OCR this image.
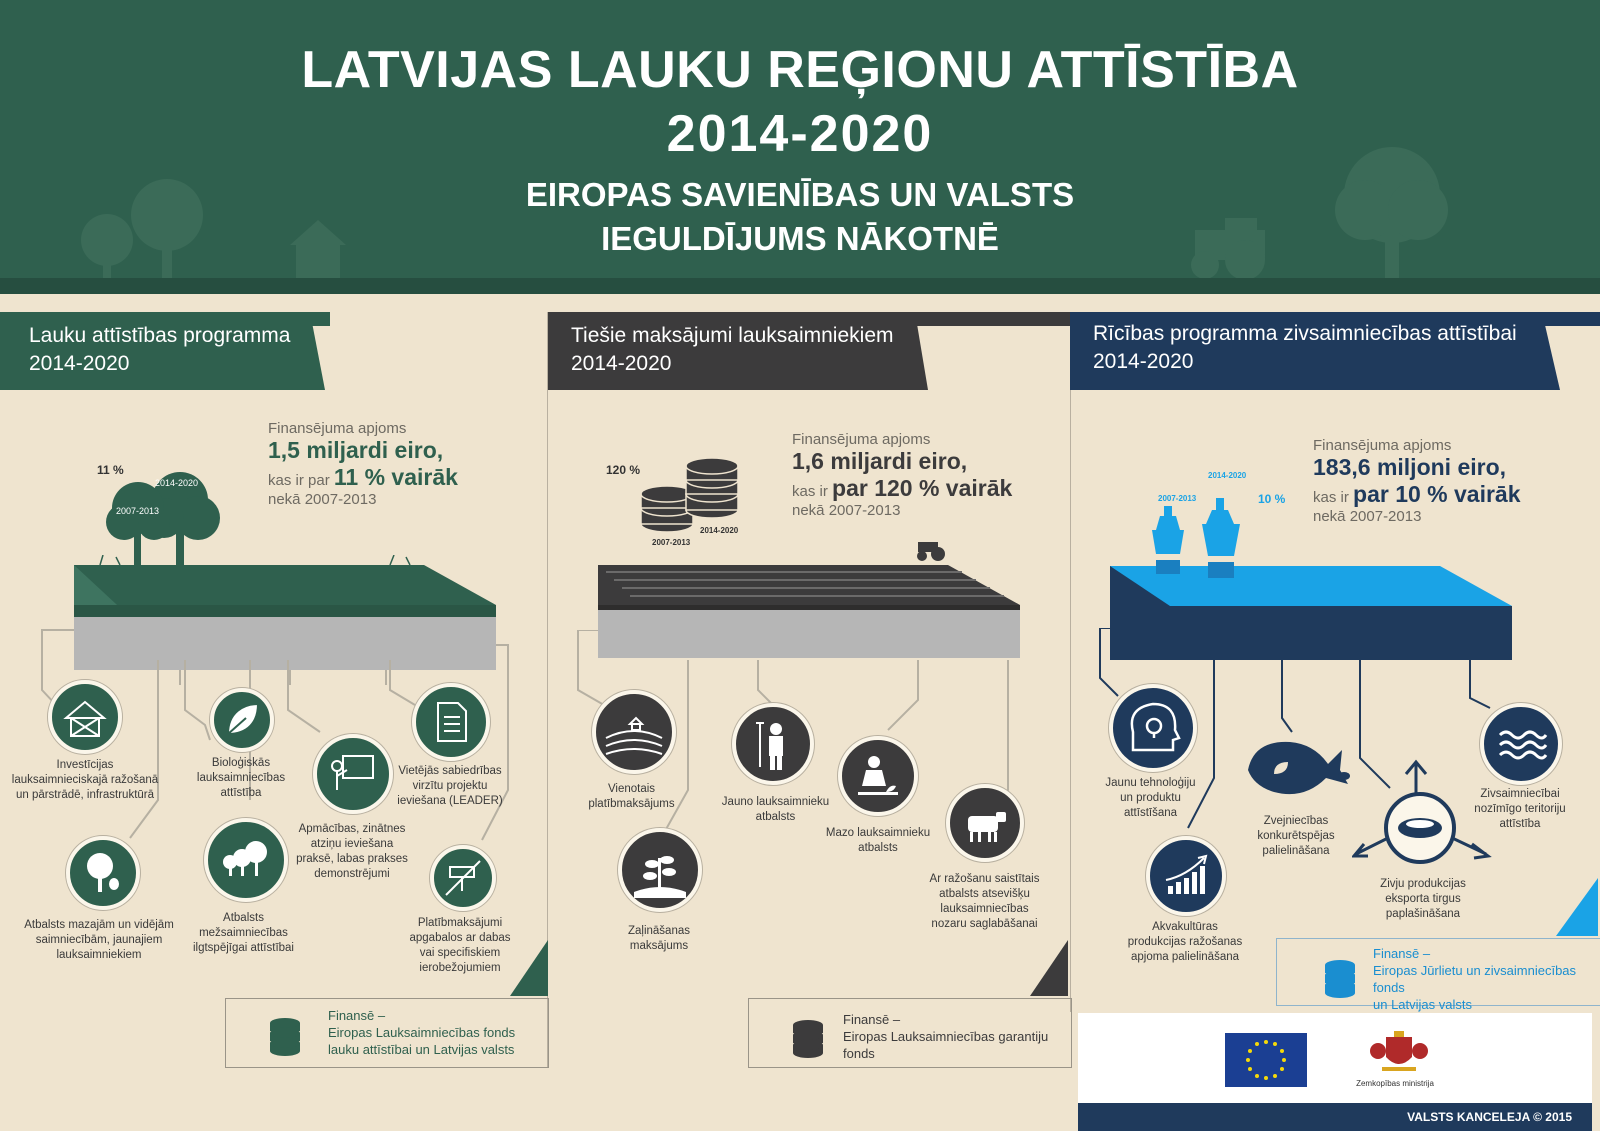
LATVIJAS LAUKU REĢIONU ATTĪSTĪBA
2014-2020
EIROPAS SAVIENĪBAS UN VALSTS
IEGULDĪJUMS NĀKOTNĒ
Lauku attīstības programma
2014-2020
2014-2020
2007-2013
11 %
Finansējuma apjoms
1,5 miljardi eiro,
kas ir par 11 % vairāk
nekā 2007-2013
Investīcijas lauksaimnieciskajā ražošanā un pārstrādē, infrastruktūrā
Bioloģiskās lauksaimniecības attīstība
Apmācības, zinātnes atziņu ieviešana praksē, labas prakses demonstrējumi
Vietējās sabiedrības virzītu projektu ieviešana (LEADER)
Atbalsts mazajām un vidējām saimniecībām, jaunajiem lauksaimniekiem
Atbalsts mežsaimniecības ilgtspējīgai attīstībai
Platībmaksājumi apgabalos ar dabas vai specifiskiem ierobežojumiem
Finansē –
Eiropas Lauksaimniecības fonds
lauku attīstībai un Latvijas valsts
Tiešie maksājumi lauksaimniekiem
2014-2020
120 %
2007-2013
2014-2020
Finansējuma apjoms
1,6 miljardi eiro,
kas ir par 120 % vairāk
nekā 2007-2013
Vienotais platībmaksājums	Jauno lauksaimnieku atbalsts
Mazo lauksaimnieku atbalsts
Zaļināšanas maksājums
Ar ražošanu saistītais atbalsts atsevišķu lauksaimniecības nozaru saglabāšanai
Finansē –
Eiropas Lauksaimniecības garantiju fonds
Rīcības programma zivsaimniecības attīstībai
2014-2020
2007-2013
2014-2020
10 %
Finansējuma apjoms
183,6 miljoni eiro,
kas ir par 10 % vairāk
nekā 2007-2013
Jaunu tehnoloģiju un produktu attīstīšana
Zvejniecības konkurētspējas palielināšana
Zivsaimniecībai nozīmīgo teritoriju attīstība
Zivju produkcijas eksporta tirgus paplašināšana
Akvakultūras produkcijas ražošanas apjoma palielināšana	Finansē –
Eiropas Jūrlietu un zivsaimniecības fonds
un Latvijas valsts
Zemkopības ministrija
VALSTS KANCELEJA © 2015
